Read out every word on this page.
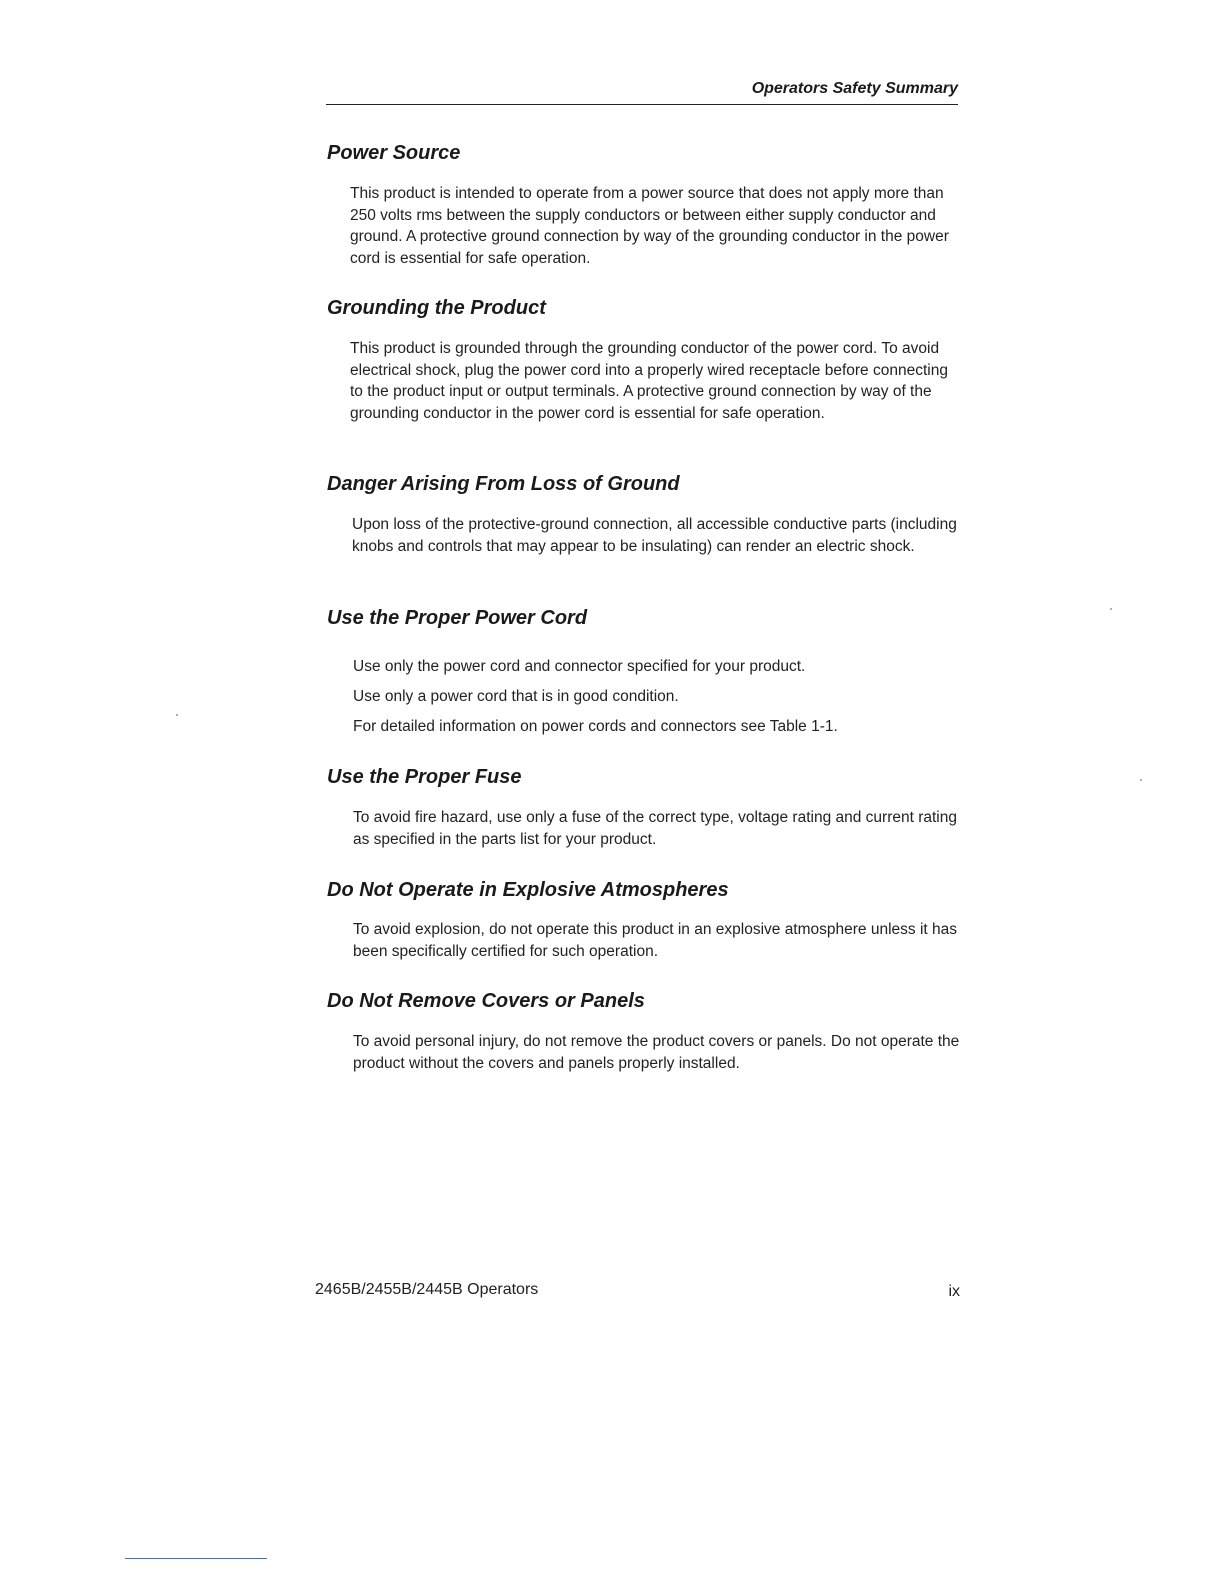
Operators Safety Summary
Power Source

This product is intended to operate from a power source that does not apply more than 250 volts rms between the supply conductors or between either supply conductor and ground. A protective ground connection by way of the grounding conductor in the power cord is essential for safe operation.

Grounding the Product

This product is grounded through the grounding conductor of the power cord. To avoid electrical shock, plug the power cord into a properly wired receptacle before connecting to the product input or output terminals. A protective ground connection by way of the grounding conductor in the power cord is essential for safe operation.

Danger Arising From Loss of Ground

Upon loss of the protective-ground connection, all accessible conductive parts (including knobs and controls that may appear to be insulating) can render an electric shock.

Use the Proper Power Cord

Use only the power cord and connector specified for your product.

Use only a power cord that is in good condition.

For detailed information on power cords and connectors see Table 1-1.

Use the Proper Fuse

To avoid fire hazard, use only a fuse of the correct type, voltage rating and current rating as specified in the parts list for your product.

Do Not Operate in Explosive Atmospheres

To avoid explosion, do not operate this product in an explosive atmosphere unless it has been specifically certified for such operation.

Do Not Remove Covers or Panels

To avoid personal injury, do not remove the product covers or panels. Do not operate the product without the covers and panels properly installed.

2465B/2455B/2445B Operators	ix
